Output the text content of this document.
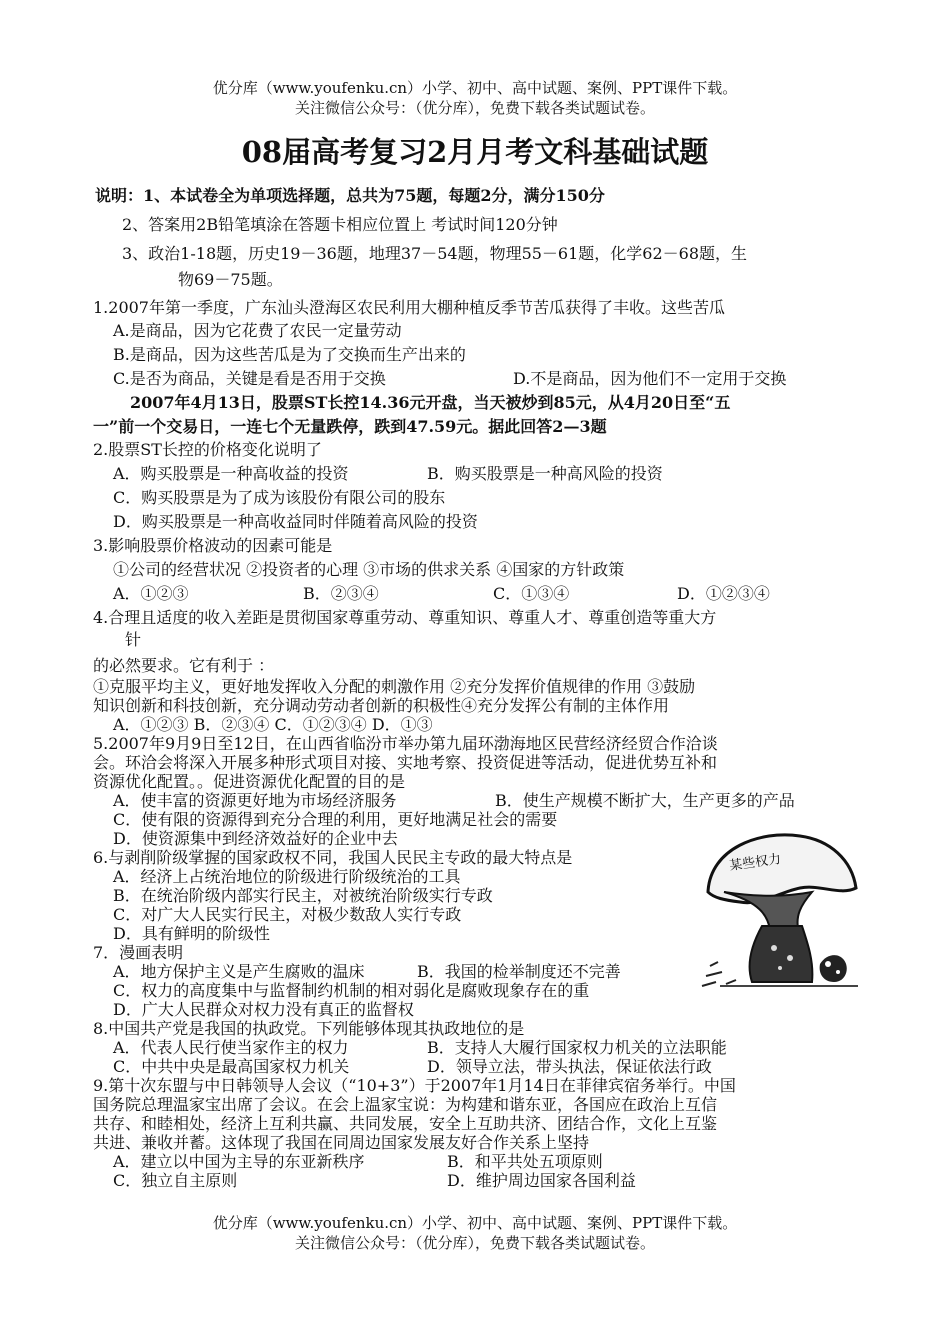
优分库（www.youfenku.cn）小学、初中、高中试题、案例、PPT课件下载。
关注微信公众号：（优分库），免费下载各类试题试卷。
08届高考复习2月月考文科基础试题
说明：1、本试卷全为单项选择题，总共为75题，每题2分，满分150分
2、答案用2B铅笔填涂在答题卡相应位置上 考试时间120分钟
3、政治1-18题，历史19－36题，地理37－54题，物理55－61题，化学62－68题，生
物69－75题。
1.2007年第一季度，广东汕头澄海区农民利用大棚种植反季节苦瓜获得了丰收。这些苦瓜
A.是商品，因为它花费了农民一定量劳动
B.是商品，因为这些苦瓜是为了交换而生产出来的
C.是否为商品，关键是看是否用于交换	D.不是商品，因为他们不一定用于交换
2007年4月13日，股票ST长控14.36元开盘，当天被炒到85元，从4月20日至“五
一”前一个交易日，一连七个无量跌停，跌到47.59元。据此回答2—3题
2.股票ST长控的价格变化说明了
A．购买股票是一种高收益的投资	B．购买股票是一种高风险的投资
C．购买股票是为了成为该股份有限公司的股东
D．购买股票是一种高收益同时伴随着高风险的投资
3.影响股票价格波动的因素可能是
①公司的经营状况 ②投资者的心理 ③市场的供求关系 ④国家的方针政策
A．①②③	B．②③④	C．①③④	D．①②③④
4.合理且适度的收入差距是贯彻国家尊重劳动、尊重知识、尊重人才、尊重创造等重大方
针
的必然要求。它有利于 ：
①克服平均主义，更好地发挥收入分配的刺激作用 ②充分发挥价值规律的作用 ③鼓励
知识创新和科技创新，充分调动劳动者创新的积极性④充分发挥公有制的主体作用
A．①②③ B．②③④ C．①②③④ D．①③
5.2007年9月9日至12日，在山西省临汾市举办第九届环渤海地区民营经济经贸合作洽谈
会。环洽会将深入开展多种形式项目对接、实地考察、投资促进等活动，促进优势互补和
资源优化配置。。促进资源优化配置的目的是
A．使丰富的资源更好地为市场经济服务	B．使生产规模不断扩大，生产更多的产品
C．使有限的资源得到充分合理的利用，更好地满足社会的需要
D．使资源集中到经济效益好的企业中去
6.与剥削阶级掌握的国家政权不同，我国人民民主专政的最大特点是
A．经济上占统治地位的阶级进行阶级统治的工具
B．在统治阶级内部实行民主，对被统治阶级实行专政
C．对广大人民实行民主，对极少数敌人实行专政
D．具有鲜明的阶级性
7．漫画表明
A．地方保护主义是产生腐败的温床	B．我国的检举制度还不完善
C．权力的高度集中与监督制约机制的相对弱化是腐败现象存在的重
D．广大人民群众对权力没有真正的监督权
某些权力
8.中国共产党是我国的执政党。下列能够体现其执政地位的是
A．代表人民行使当家作主的权力	B．支持人大履行国家权力机关的立法职能
C．中共中央是最高国家权力机关	D．领导立法，带头执法，保证依法行政
9.第十次东盟与中日韩领导人会议（“10+3”）于2007年1月14日在菲律宾宿务举行。中国
国务院总理温家宝出席了会议。在会上温家宝说：为构建和谐东亚，各国应在政治上互信
共存、和睦相处，经济上互利共赢、共同发展，安全上互助共济、团结合作，文化上互鉴
共进、兼收并蓄。这体现了我国在同周边国家发展友好合作关系上坚持
A．建立以中国为主导的东亚新秩序	B．和平共处五项原则
C．独立自主原则	D．维护周边国家各国利益
优分库（www.youfenku.cn）小学、初中、高中试题、案例、PPT课件下载。
关注微信公众号：（优分库），免费下载各类试题试卷。
